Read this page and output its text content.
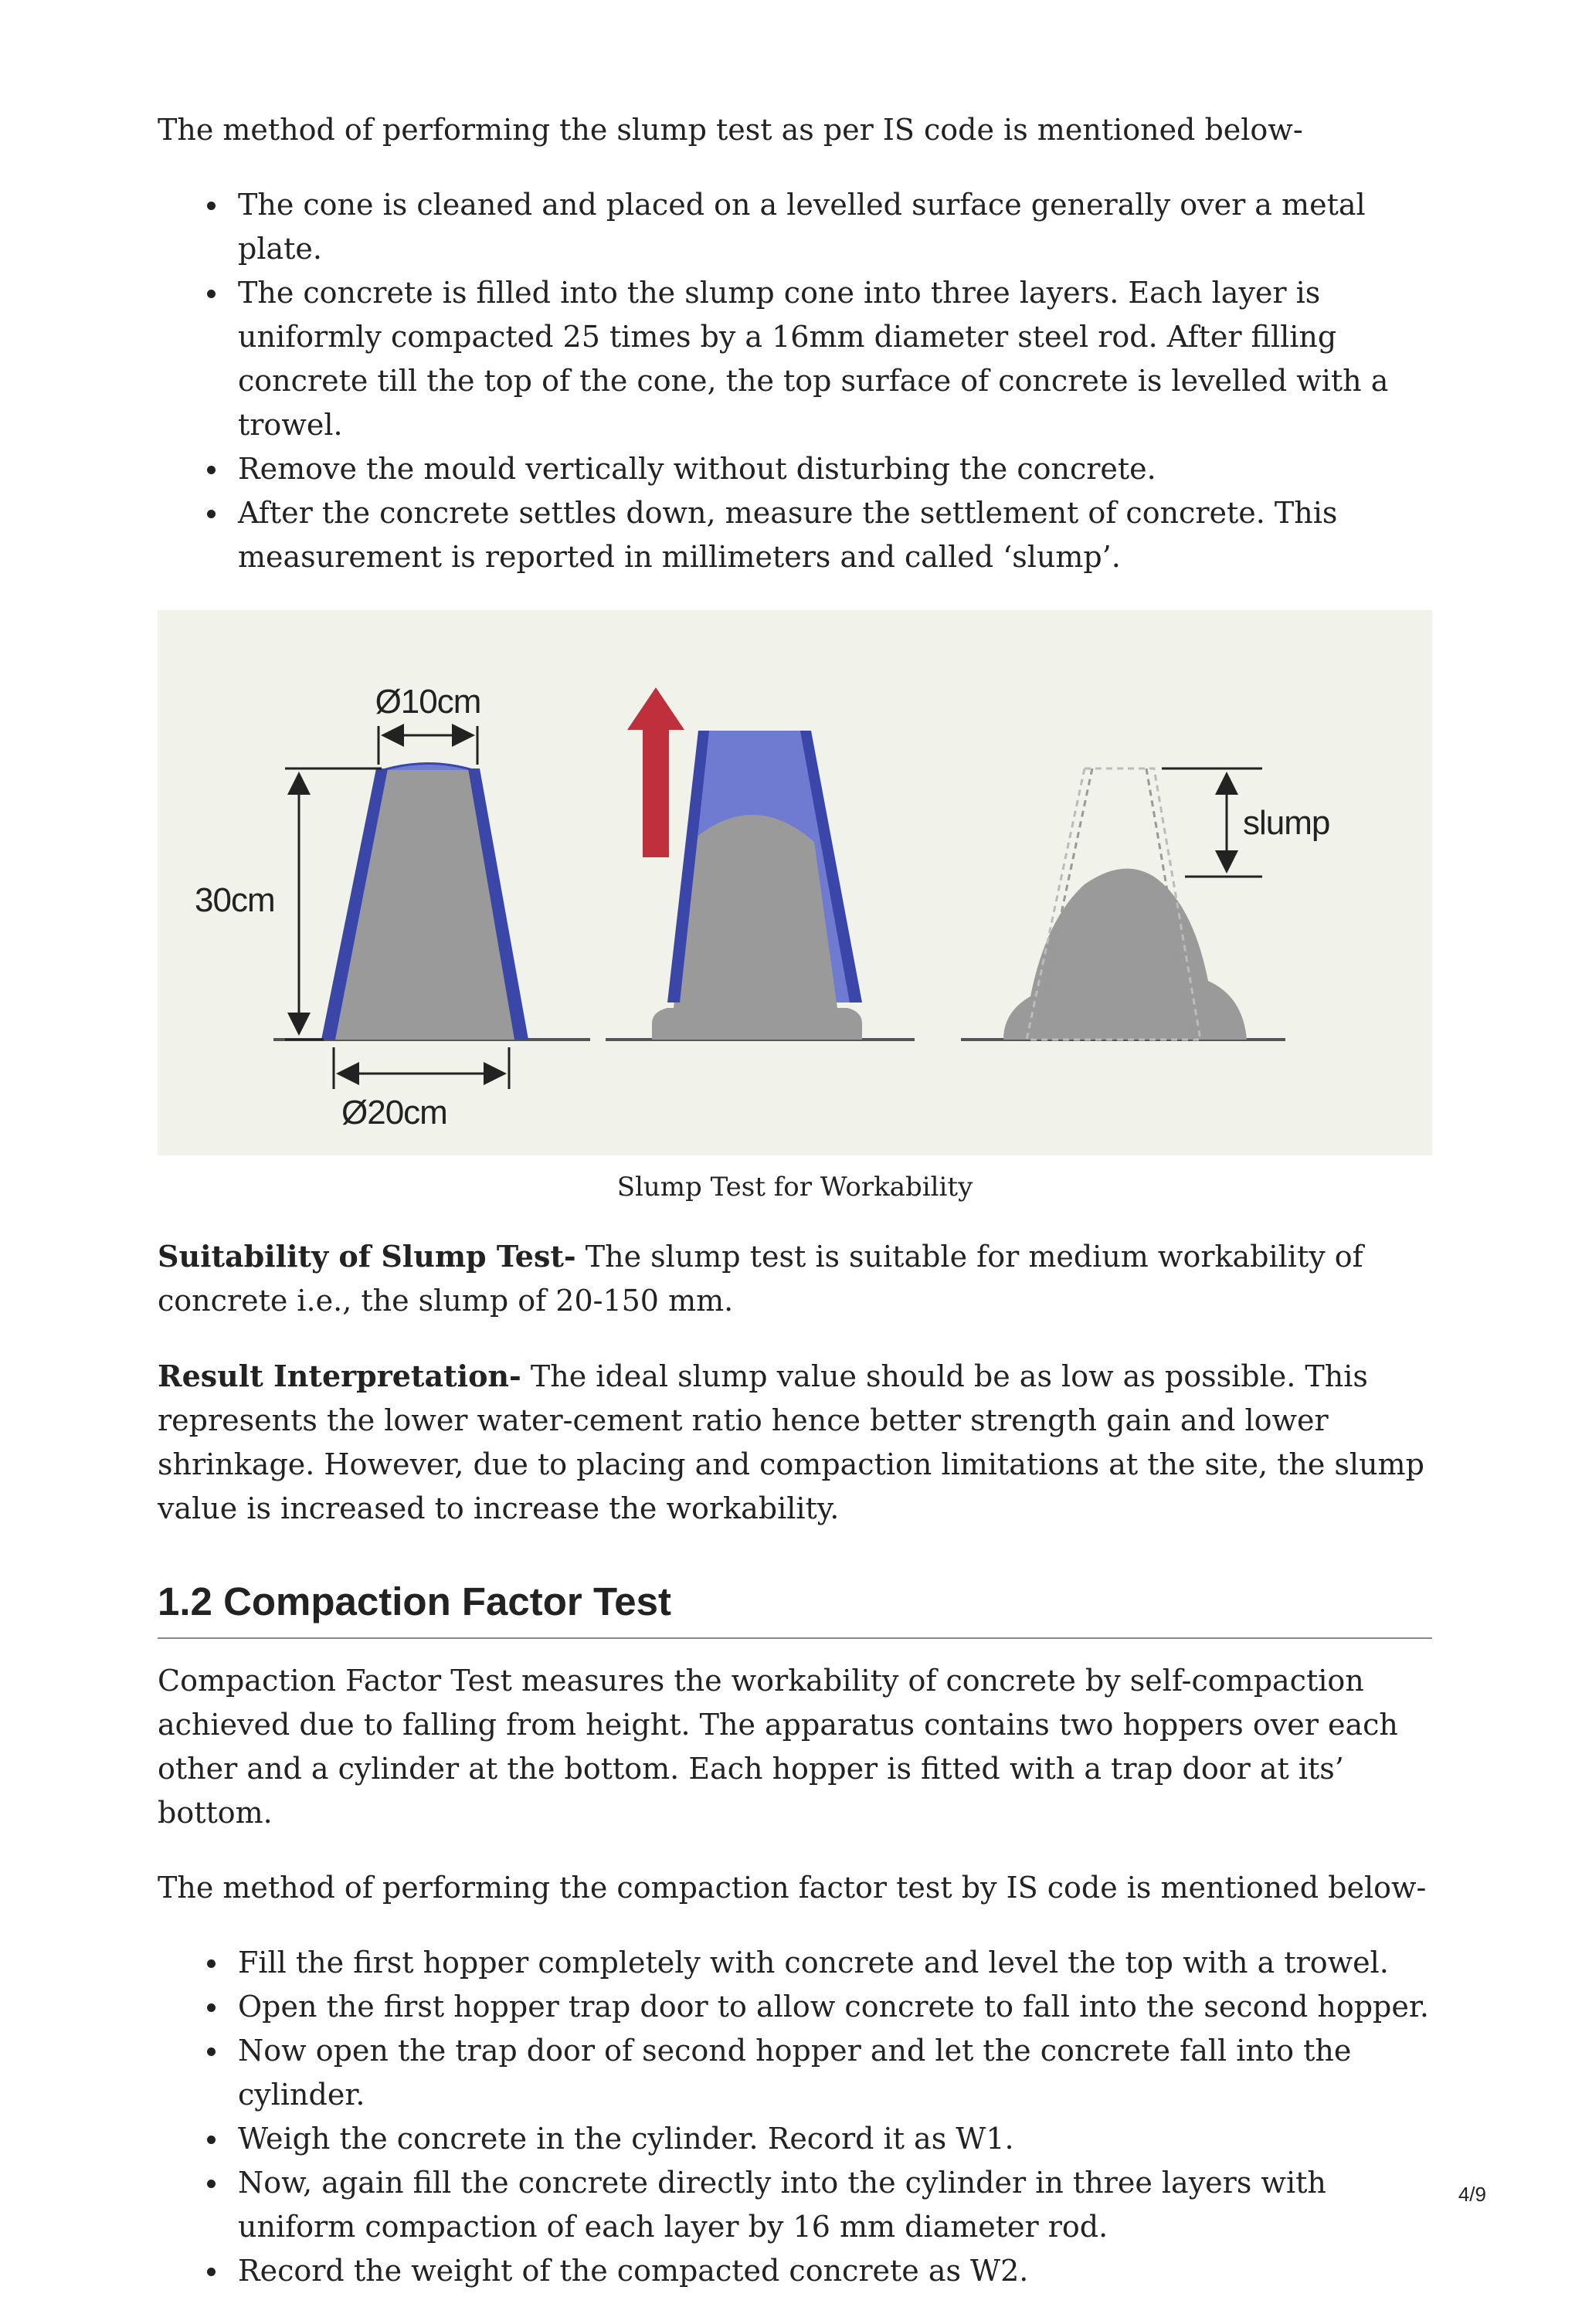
The method of performing the slump test as per IS code is mentioned below-

The cone is cleaned and placed on a levelled surface generally over a metal plate.
The concrete is filled into the slump cone into three layers. Each layer is uniformly compacted 25 times by a 16mm diameter steel rod. After filling concrete till the top of the cone, the top surface of concrete is levelled with a trowel.
Remove the mould vertically without disturbing the concrete.
After the concrete settles down, measure the settlement of concrete. This measurement is reported in millimeters and called ‘slump’.
Ø10cm
30cm
Ø20cm
slump
Slump Test for Workability

Suitability of Slump Test- The slump test is suitable for medium workability of concrete i.e., the slump of 20-150 mm.

Result Interpretation- The ideal slump value should be as low as possible. This represents the lower water-cement ratio hence better strength gain and lower shrinkage. However, due to placing and compaction limitations at the site, the slump value is increased to increase the workability.

1.2 Compaction Factor Test

Compaction Factor Test measures the workability of concrete by self-compaction achieved due to falling from height. The apparatus contains two hoppers over each other and a cylinder at the bottom. Each hopper is fitted with a trap door at its’ bottom.

The method of performing the compaction factor test by IS code is mentioned below-

Fill the first hopper completely with concrete and level the top with a trowel.
Open the first hopper trap door to allow concrete to fall into the second hopper.
Now open the trap door of second hopper and let the concrete fall into the cylinder.
Weigh the concrete in the cylinder. Record it as W1.
Now, again fill the concrete directly into the cylinder in three layers with uniform compaction of each layer by 16 mm diameter rod.
Record the weight of the compacted concrete as W2.
4/9
